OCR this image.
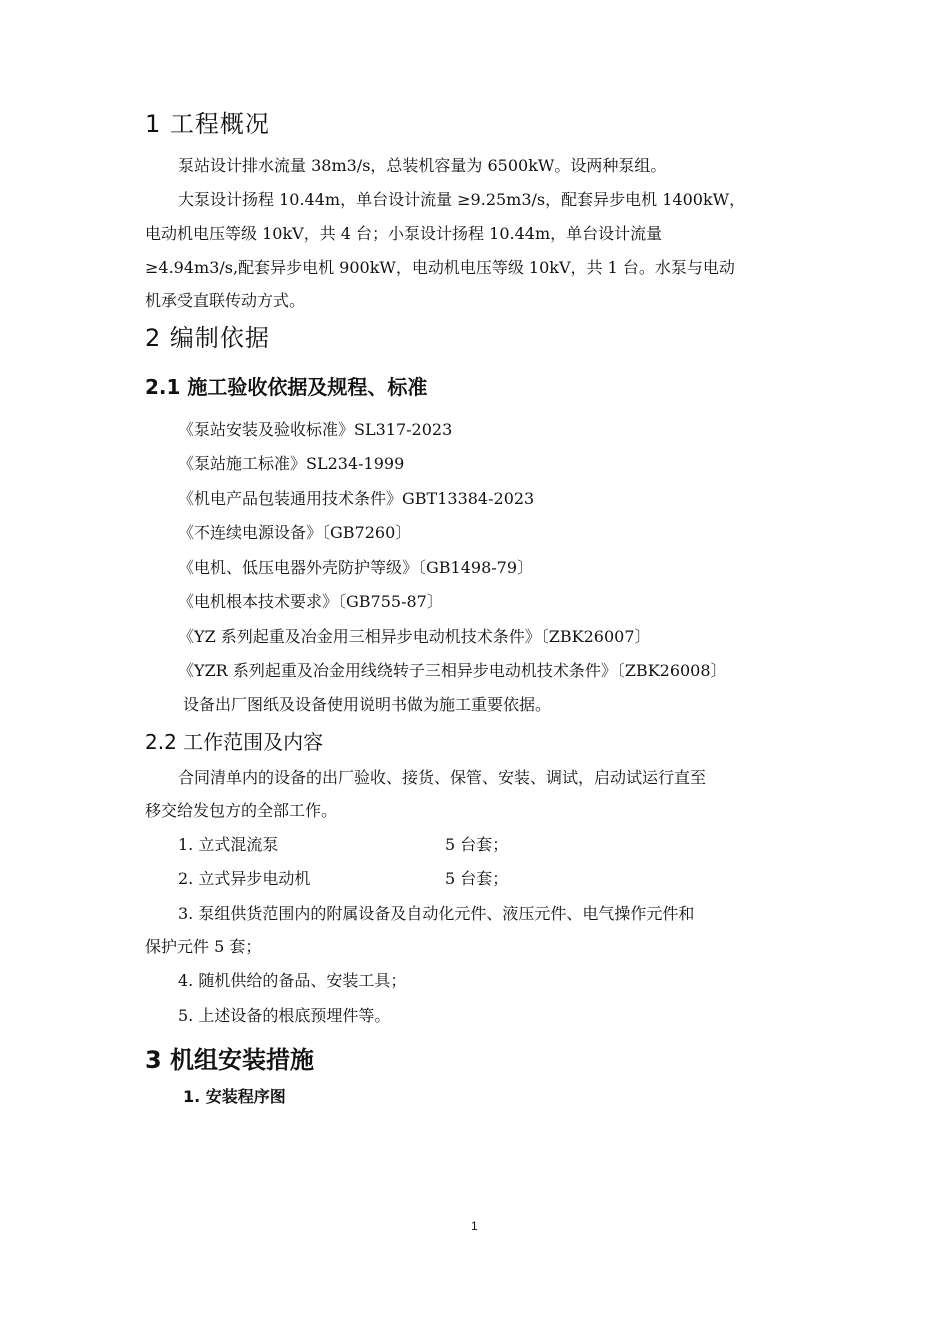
1 工程概况
泵站设计排水流量 38m3/s，总装机容量为 6500kW。设两种泵组。
大泵设计扬程 10.44m，单台设计流量 ≥9.25m3/s，配套异步电机 1400kW，
电动机电压等级 10kV，共 4 台；小泵设计扬程 10.44m，单台设计流量
≥4.94m3/s,配套异步电机 900kW，电动机电压等级 10kV，共 1 台。水泵与电动
机承受直联传动方式。
2 编制依据
2.1 施工验收依据及规程、标准
《泵站安装及验收标准》SL317-2023
《泵站施工标准》SL234-1999
《机电产品包装通用技术条件》GBT13384-2023
《不连续电源设备》〔GB7260〕
《电机、低压电器外壳防护等级》〔GB1498-79〕
《电机根本技术要求》〔GB755-87〕
《YZ 系列起重及冶金用三相异步电动机技术条件》〔ZBK26007〕
《YZR 系列起重及冶金用线绕转子三相异步电动机技术条件》〔ZBK26008〕
设备出厂图纸及设备使用说明书做为施工重要依据。
2.2 工作范围及内容
合同清单内的设备的出厂验收、接货、保管、安装、调试，启动试运行直至
移交给发包方的全部工作。
1. 立式混流泵	5 台套；
2. 立式异步电动机	5 台套；
3. 泵组供货范围内的附属设备及自动化元件、液压元件、电气操作元件和
保护元件 5 套；
4. 随机供给的备品、安装工具；
5. 上述设备的根底预埋件等。
3 机组安装措施
1. 安装程序图
1
